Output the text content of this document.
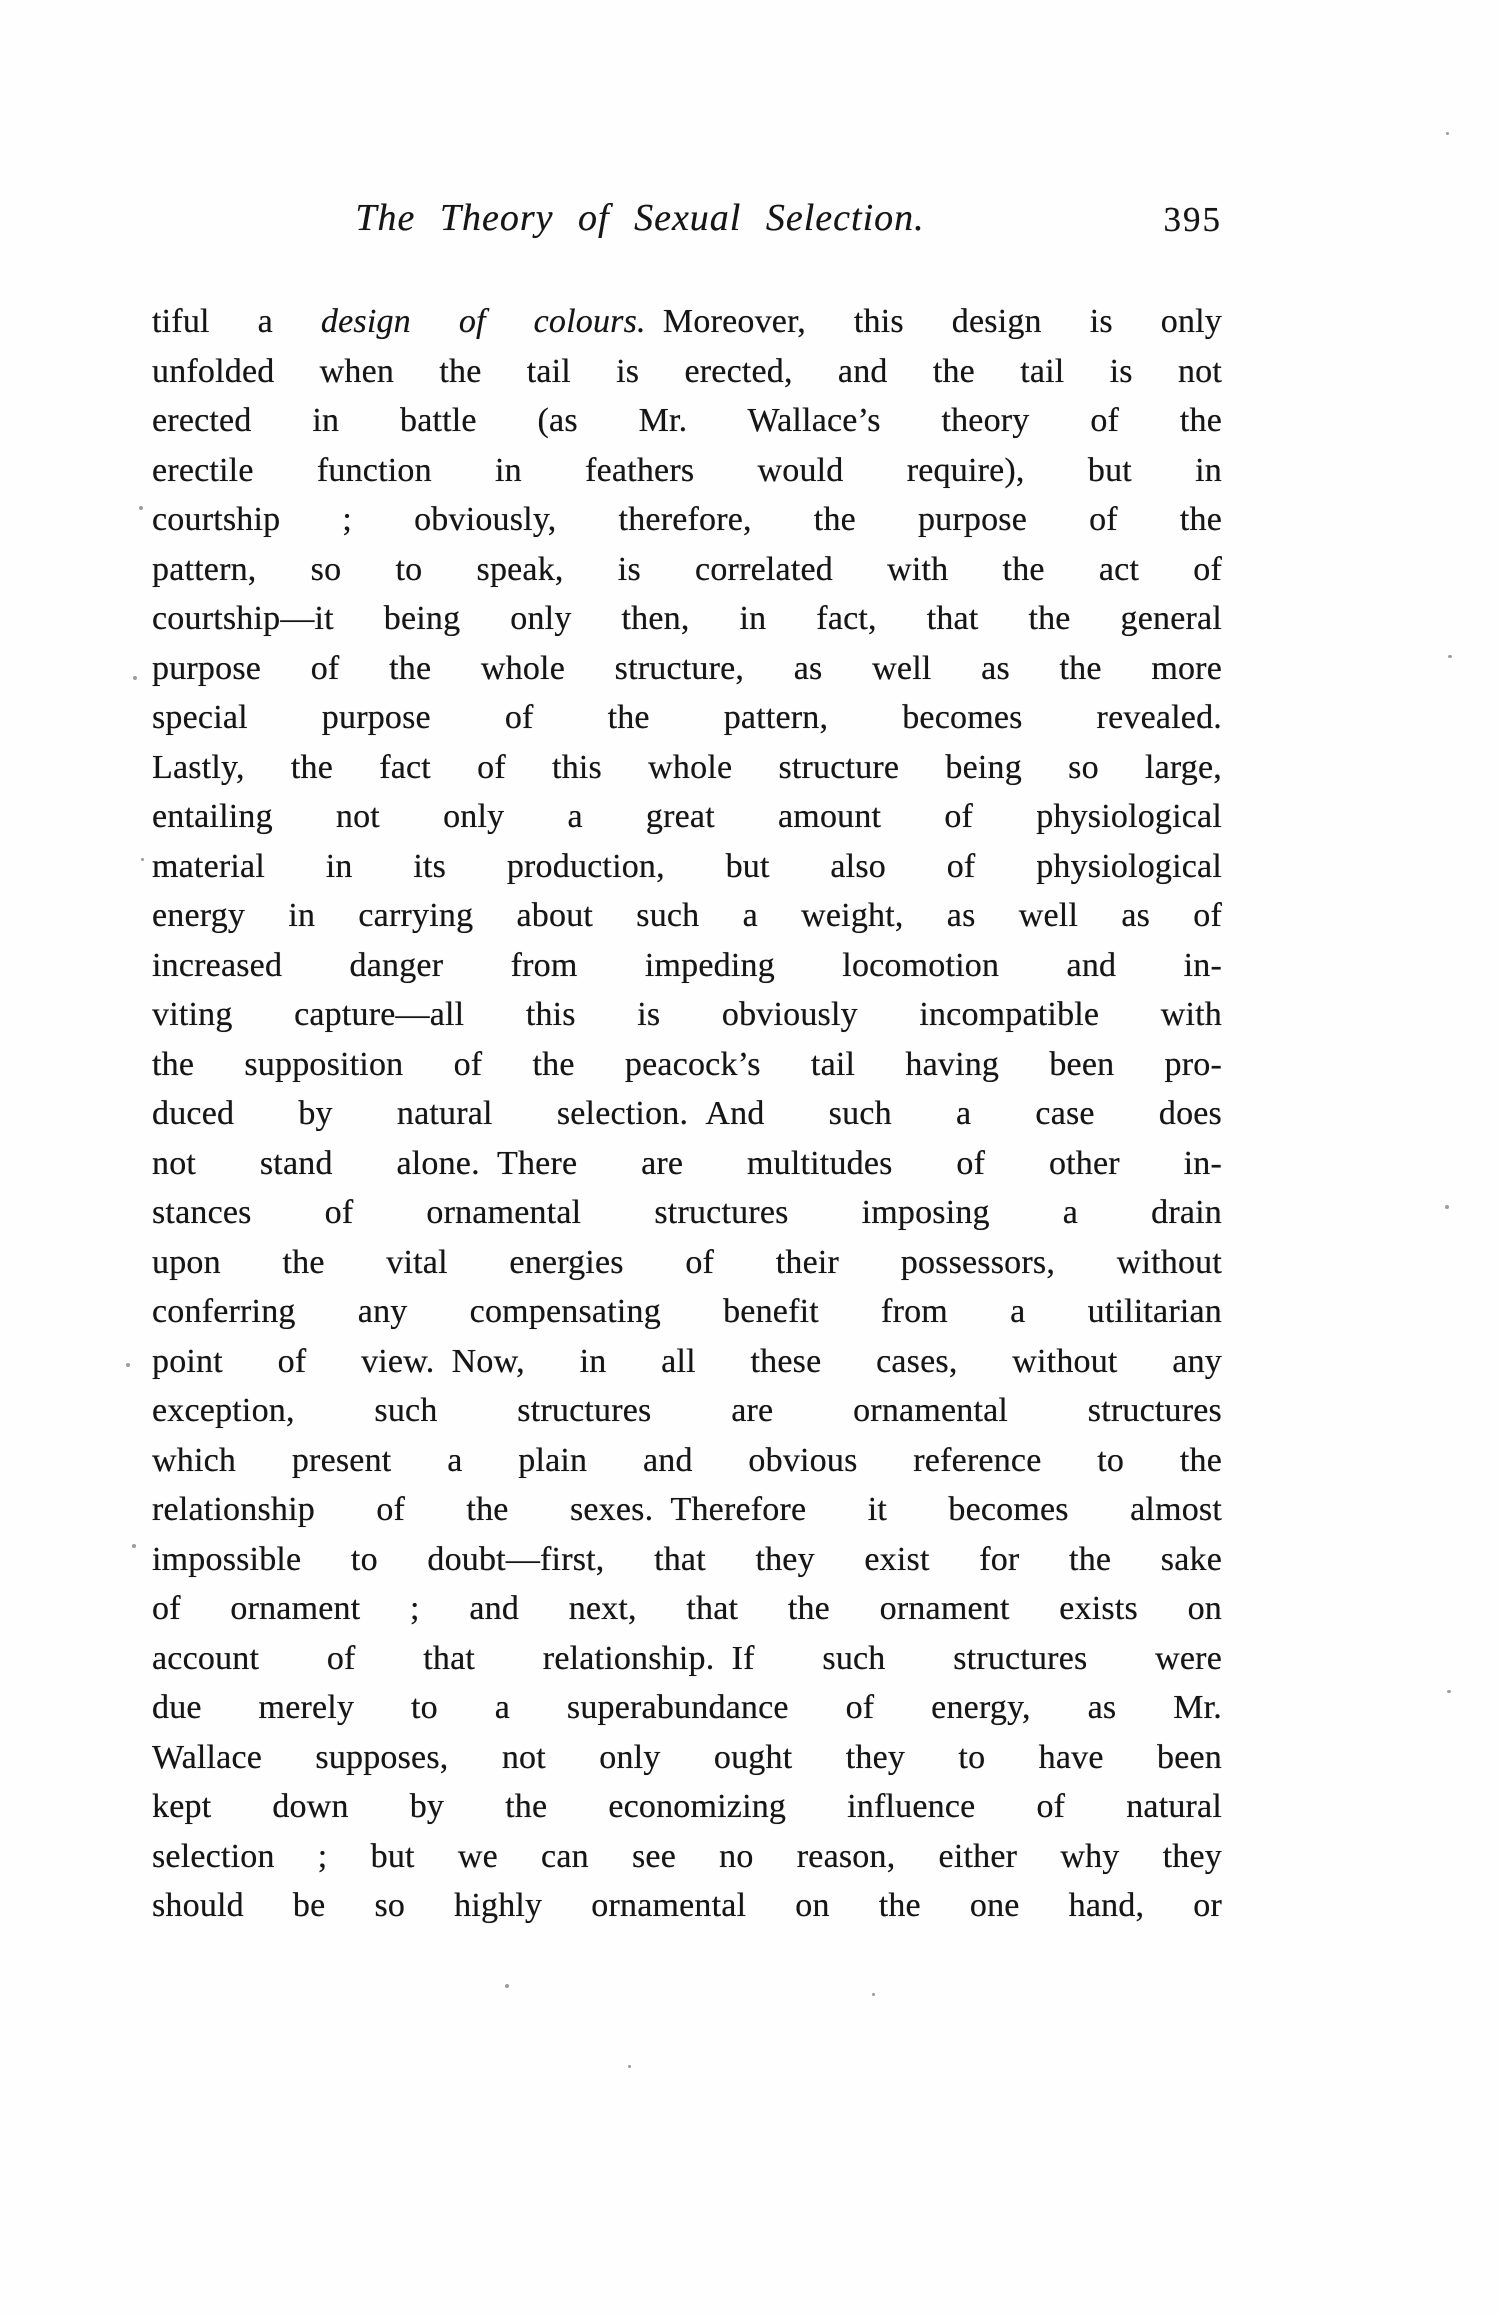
The Theory of Sexual Selection.	395
tiful a design of colours. Moreover, this design is only
unfolded when the tail is erected, and the tail is not
erected in battle (as Mr. Wallace’s theory of the
erectile function in feathers would require), but in
courtship ; obviously, therefore, the purpose of the
pattern, so to speak, is correlated with the act of
courtship—it being only then, in fact, that the general
purpose of the whole structure, as well as the more
special purpose of the pattern, becomes revealed.
Lastly, the fact of this whole structure being so large,
entailing not only a great amount of physiological
material in its production, but also of physiological
energy in carrying about such a weight, as well as of
increased danger from impeding locomotion and in-
viting capture—all this is obviously incompatible with
the supposition of the peacock’s tail having been pro-
duced by natural selection. And such a case does
not stand alone. There are multitudes of other in-
stances of ornamental structures imposing a drain
upon the vital energies of their possessors, without
conferring any compensating benefit from a utilitarian
point of view. Now, in all these cases, without any
exception, such structures are ornamental structures
which present a plain and obvious reference to the
relationship of the sexes. Therefore it becomes almost
impossible to doubt—first, that they exist for the sake
of ornament ; and next, that the ornament exists on
account of that relationship. If such structures were
due merely to a superabundance of energy, as Mr.
Wallace supposes, not only ought they to have been
kept down by the economizing influence of natural
selection ; but we can see no reason, either why they
should be so highly ornamental on the one hand, or
